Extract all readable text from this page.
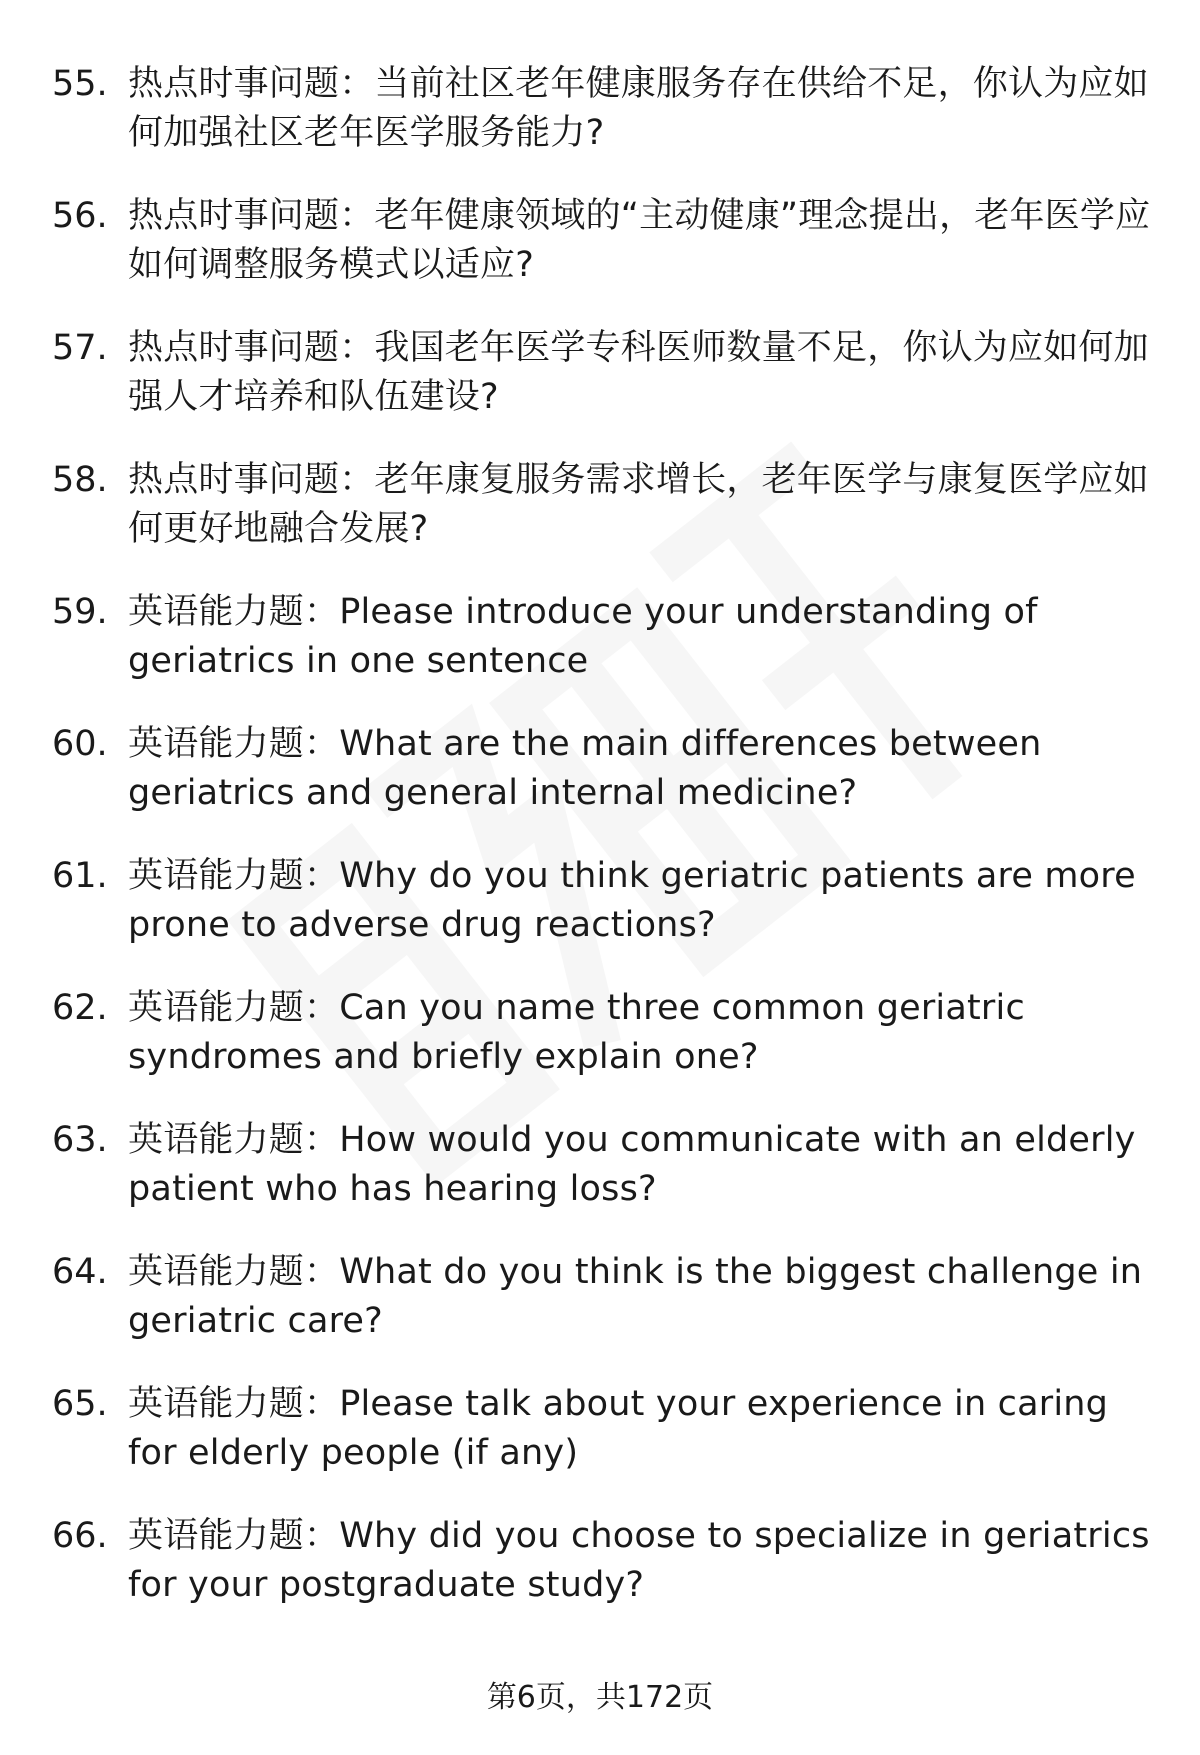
55. 热点时事问题：当前社区老年健康服务存在供给不足，你认为应如何加强社区老年医学服务能力?
56. 热点时事问题：老年健康领域的“主动健康”理念提出，老年医学应如何调整服务模式以适应?
57. 热点时事问题：我国老年医学专科医师数量不足，你认为应如何加强人才培养和队伍建设?
58. 热点时事问题：老年康复服务需求增长，老年医学与康复医学应如何更好地融合发展?
59. 英语能力题：Please introduce your understanding of geriatrics in one sentence
60. 英语能力题：What are the main differences between geriatrics and general internal medicine?
61. 英语能力题：Why do you think geriatric patients are more prone to adverse drug reactions?
62. 英语能力题：Can you name three common geriatric syndromes and briefly explain one?
63. 英语能力题：How would you communicate with an elderly patient who has hearing loss?
64. 英语能力题：What do you think is the biggest challenge in geriatric care?
65. 英语能力题：Please talk about your experience in caring for elderly people (if any)
66. 英语能力题：Why did you choose to specialize in geriatrics for your postgraduate study?
第6页，共172页
